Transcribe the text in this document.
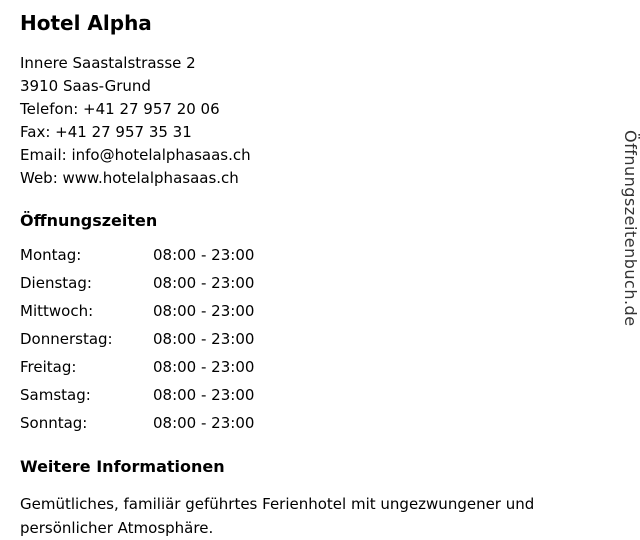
Hotel Alpha
Innere Saastalstrasse 2
3910 Saas-Grund
Telefon: +41 27 957 20 06
Fax: +41 27 957 35 31
Email: info@hotelalphasaas.ch
Web: www.hotelalphasaas.ch
Öffnungszeiten
Montag:	08:00 - 23:00
Dienstag:	08:00 - 23:00
Mittwoch:	08:00 - 23:00
Donnerstag:	08:00 - 23:00
Freitag:	08:00 - 23:00
Samstag:	08:00 - 23:00
Sonntag:	08:00 - 23:00
Weitere Informationen
Gemütliches, familiär geführtes Ferienhotel mit ungezwungener und persönlicher Atmosphäre.
Öffnungszeitenbuch.de
